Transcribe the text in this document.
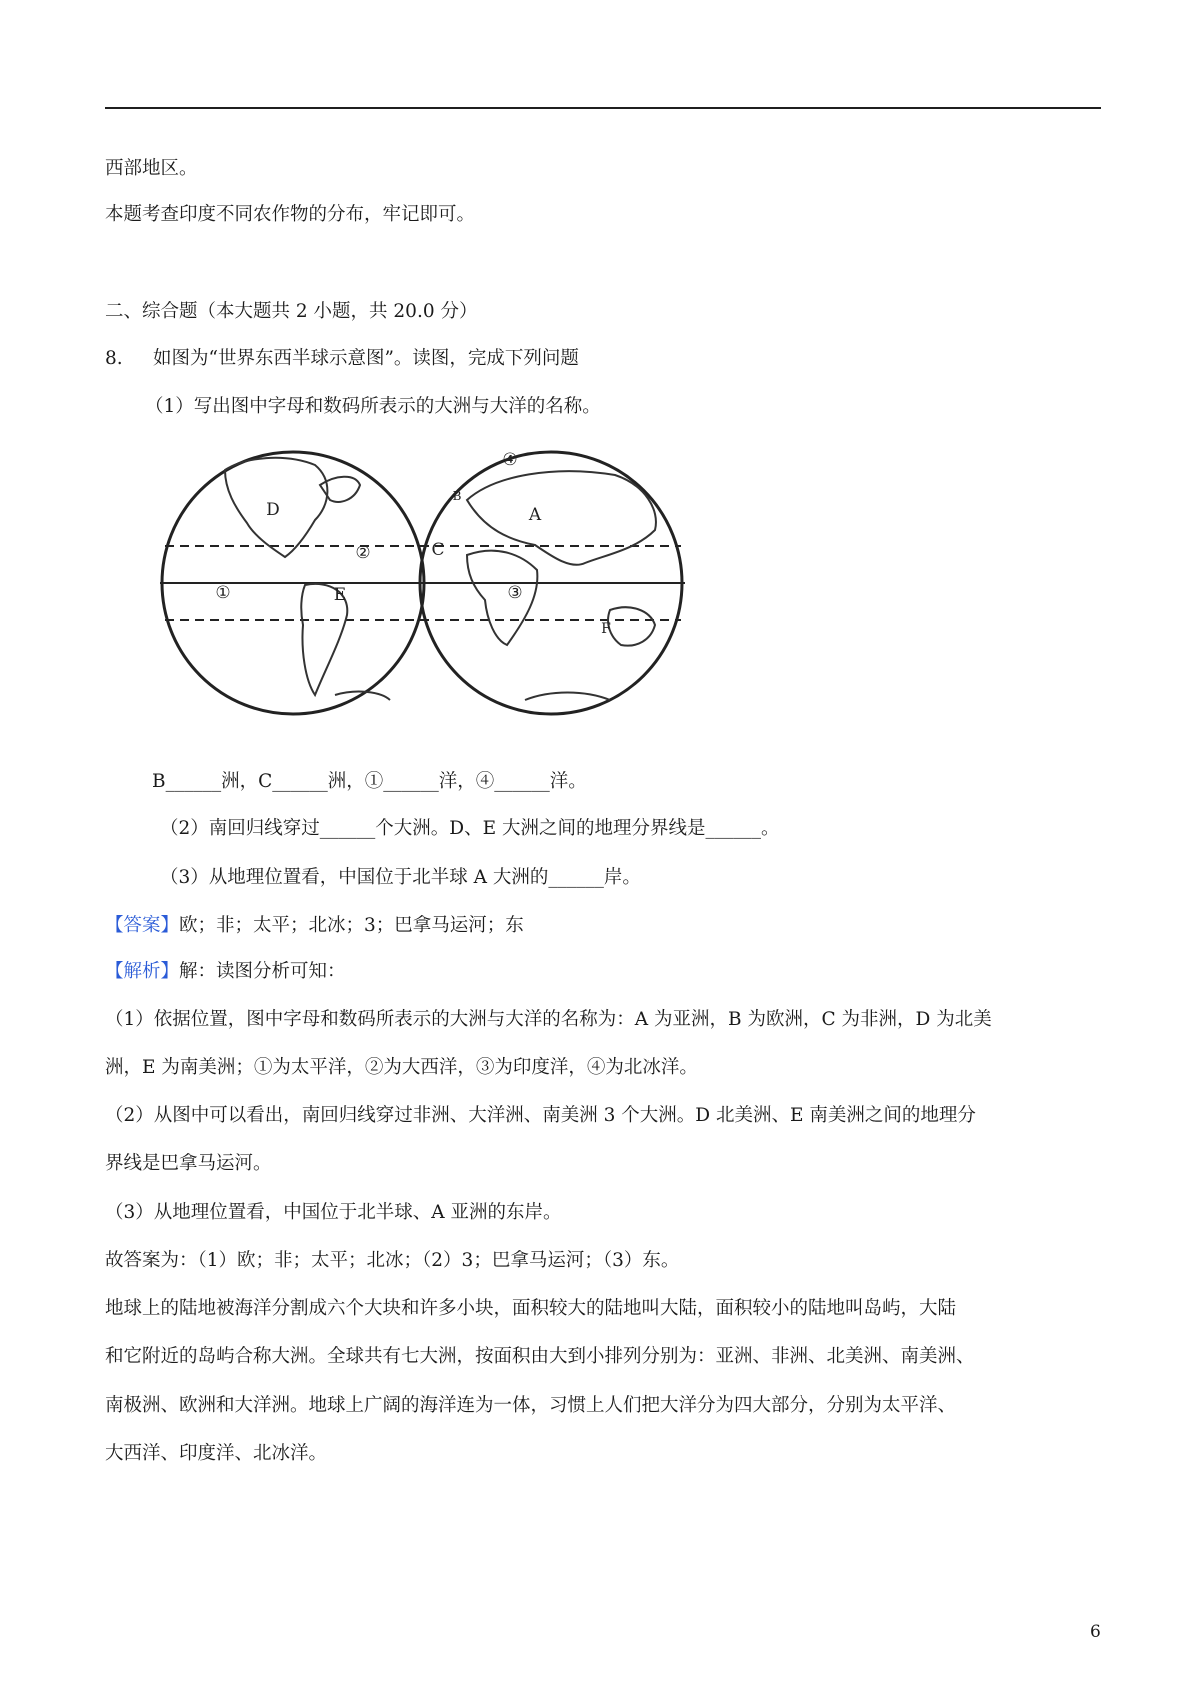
西部地区。
本题考查印度不同农作物的分布，牢记即可。
二、综合题（本大题共 2 小题，共 20.0 分）
8. 如图为“世界东西半球示意图”。读图，完成下列问题
（1）写出图中字母和数码所表示的大洲与大洋的名称。
D
E
A
B
C
F
①
②
③
④
B______洲，C______洲，①______洋，④______洋。
（2）南回归线穿过______个大洲。D、E 大洲之间的地理分界线是______。
（3）从地理位置看，中国位于北半球 A 大洲的______岸。
【答案】欧；非；太平；北冰；3；巴拿马运河；东
【解析】解：读图分析可知：
（1）依据位置，图中字母和数码所表示的大洲与大洋的名称为：A 为亚洲，B 为欧洲，C 为非洲，D 为北美
洲，E 为南美洲；①为太平洋，②为大西洋，③为印度洋，④为北冰洋。
（2）从图中可以看出，南回归线穿过非洲、大洋洲、南美洲 3 个大洲。D 北美洲、E 南美洲之间的地理分
界线是巴拿马运河。
（3）从地理位置看，中国位于北半球、A 亚洲的东岸。
故答案为：（1）欧；非；太平；北冰；（2）3；巴拿马运河；（3）东。
地球上的陆地被海洋分割成六个大块和许多小块，面积较大的陆地叫大陆，面积较小的陆地叫岛屿，大陆
和它附近的岛屿合称大洲。全球共有七大洲，按面积由大到小排列分别为：亚洲、非洲、北美洲、南美洲、
南极洲、欧洲和大洋洲。地球上广阔的海洋连为一体，习惯上人们把大洋分为四大部分，分别为太平洋、
大西洋、印度洋、北冰洋。
6
